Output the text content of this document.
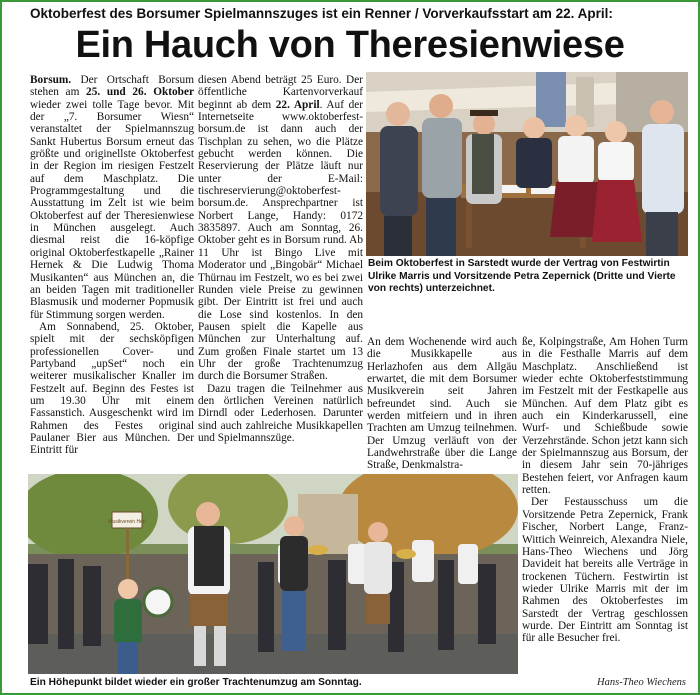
Oktoberfest des Borsumer Spielmannszuges ist ein Renner / Vorverkaufsstart am 22. April:
Ein Hauch von Theresienwiese

Borsum. Der Ortschaft Borsum stehen am 25. und 26. Oktober wieder zwei tolle Tage bevor. Mit der „7. Borsumer Wiesn“ veranstaltet der Spielmannszug Sankt Hubertus Borsum erneut das größte und originellste Oktoberfest in der Region im riesigen Festzelt auf dem Maschplatz. Die Programmgestaltung und die Ausstattung im Zelt ist wie beim Oktoberfest auf der Theresienwiese in München ausgelegt. Auch diesmal reist die 16-köpfige original Oktoberfestkapelle „Rainer Hernek & Die Ludwig Thoma Musikanten“ aus München an, die an beiden Tagen mit traditioneller Blasmusik und moderner Popmusik für Stimmung sorgen werden.

Am Sonnabend, 25. Oktober, spielt mit der sechsköpfigen professionellen Cover- und Partyband „upSet“ noch ein weiterer musikalischer Knaller im Festzelt auf. Beginn des Festes ist um 19.30 Uhr mit einem Fassanstich. Ausgeschenkt wird im Rahmen des Festes original Paulaner Bier aus München. Der Eintritt für

diesen Abend beträgt 25 Euro. Der öffentliche Kartenvorverkauf beginnt ab dem 22. April. Auf der Internetseite www.oktoberfest-borsum.de ist dann auch der Tischplan zu sehen, wo die Plätze gebucht werden können. Die Reservierung der Plätze läuft nur unter der E-Mail: tischreservierung@oktoberfest-borsum.de. Ansprechpartner ist Norbert Lange, Handy: 0172 3835897. Auch am Sonntag, 26. Oktober geht es in Borsum rund. Ab 11 Uhr ist Bingo Live mit Moderator und „Bingobär“ Michael Thürnau im Festzelt, wo es bei zwei Runden viele Preise zu gewinnen gibt. Der Eintritt ist frei und auch die Lose sind kostenlos. In den Pausen spielt die Kapelle aus München zur Unterhaltung auf. Zum großen Finale startet um 13 Uhr der große Trachtenumzug durch die Borsumer Straßen.

Dazu tragen die Teilnehmer aus den örtlichen Vereinen natürlich Dirndl oder Lederhosen. Darunter sind auch zahlreiche Musikkapellen und Spielmannszüge.

Beim Oktoberfest in Sarstedt wurde der Vertrag von Festwirtin Ulrike Marris und Vorsitzende Petra Zepernick (Dritte und Vierte von rechts) unterzeichnet.

An dem Wochenende wird auch die Musikkapelle aus Herlazhofen aus dem Allgäu erwartet, die mit dem Borsumer Musikverein seit Jahren befreundet sind. Auch sie werden mitfeiern und in ihren Trachten am Umzug teilnehmen. Der Umzug verläuft von der Landwehrstraße über die Lange Straße, Denkmalstra-

ße, Kolpingstraße, Am Hohen Turm in die Festhalle Marris auf dem Maschplatz. Anschließend ist wieder echte Oktoberfeststimmung im Festzelt mit der Festkapelle aus München. Auf dem Platz gibt es auch ein Kinderkarussell, eine Wurf- und Schießbude sowie Verzehrstände. Schon jetzt kann sich der Spielmannszug aus Borsum, der in diesem Jahr sein 70-jähriges Bestehen feiert, vor Anfragen kaum retten.

Der Festausschuss um die Vorsitzende Petra Zepernick, Frank Fischer, Norbert Lange, Franz-Wittich Weinreich, Alexandra Niele, Hans-Theo Wiechens und Jörg Davideit hat bereits alle Verträge in trockenen Tüchern. Festwirtin ist wieder Ulrike Marris mit der im Rahmen des Oktoberfestes im Sarstedt der Vertrag geschlossen wurde. Der Eintritt am Sonntag ist für alle Besucher frei.

Musikverein Herl
Ein Höhepunkt bildet wieder ein großer Trachtenumzug am Sonntag.	Hans-Theo Wiechens
